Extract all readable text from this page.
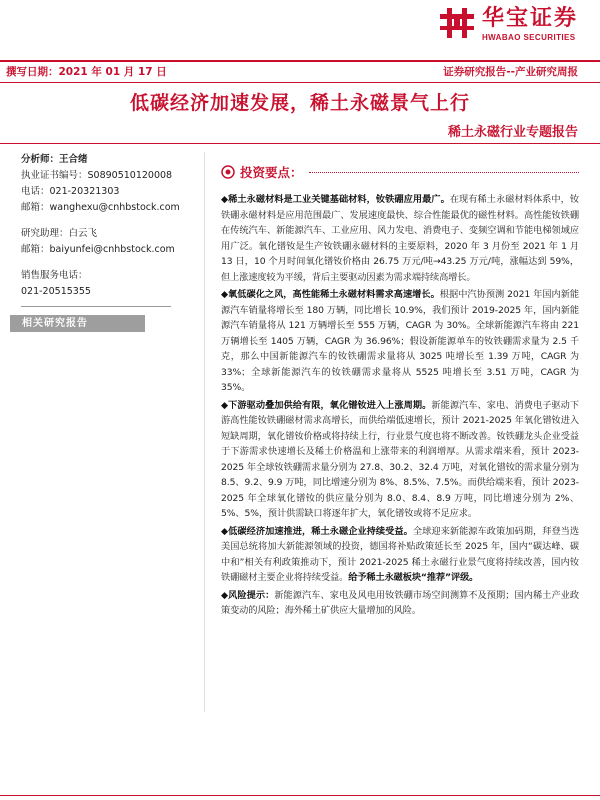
华宝证券
HWABAO SECURITIES
撰写日期：2021 年 01 月 17 日	证券研究报告--产业研究周报
低碳经济加速发展，稀土永磁景气上行
稀土永磁行业专题报告
分析师：王合绪
执业证书编号：S0890510120008
电话：021-20321303
邮箱：wanghexu@cnhbstock.com
研究助理：白云飞
邮箱：baiyunfei@cnhbstock.com
销售服务电话：
021-20515355
相关研究报告
投资要点：

◆稀土永磁材料是工业关键基础材料，钕铁硼应用最广。在现有稀土永磁材料体系中，钕铁硼永磁材料是应用范围最广、发展速度最快、综合性能最优的磁性材料。高性能钕铁硼在传统汽车、新能源汽车、工业应用、风力发电、消费电子、变频空调和节能电梯领域应用广泛。氧化镨钕是生产钕铁硼永磁材料的主要原料，2020 年 3 月份至 2021 年 1 月 13 日，10 个月时间氧化镨钕价格由 26.75 万元/吨→43.25 万元/吨，涨幅达到 59%，但上涨速度较为平缓，背后主要驱动因素为需求端持续高增长。

◆氧低碳化之风，高性能稀土永磁材料需求高速增长。根据中汽协预测 2021 年国内新能源汽车销量将增长至 180 万辆，同比增长 10.9%，我们预计 2019-2025 年，国内新能源汽车销量将从 121 万辆增长至 555 万辆，CAGR 为 30%。全球新能源汽车将由 221 万辆增长至 1405 万辆，CAGR 为 36.96%；假设新能源单车的钕铁硼需求量为 2.5 千克，那么中国新能源汽车的钕铁硼需求量将从 3025 吨增长至 1.39 万吨，CAGR 为 33%；全球新能源汽车的钕铁硼需求量将从 5525 吨增长至 3.51 万吨，CAGR 为 35%。

◆下游驱动叠加供给有限，氧化镨钕进入上涨周期。新能源汽车、家电、消费电子驱动下游高性能钕铁硼磁材需求高增长，而供给端低速增长，预计 2021-2025 年氧化镨钕进入短缺周期，氧化镨钕价格或将持续上行，行业景气度也将不断改善。钕铁硼龙头企业受益于下游需求快速增长及稀土价格温和上涨带来的利润增厚。从需求端来看，预计 2023-2025 年全球钕铁硼需求量分别为 27.8、30.2、32.4 万吨，对氧化镨钕的需求量分别为 8.5、9.2、9.9 万吨，同比增速分别为 8%、8.5%、7.5%。而供给端来看，预计 2023-2025 年全球氧化镨钕的供应量分别为 8.0、8.4、8.9 万吨，同比增速分别为 2%、5%、5%，预计供需缺口将逐年扩大，氧化镨钕或将不足应求。

◆低碳经济加速推进，稀土永磁企业持续受益。全球迎来新能源车政策加码期，拜登当选美国总统将加大新能源领域的投资，德国将补贴政策延长至 2025 年，国内“碳达峰、碳中和”相关有利政策推动下，预计 2021-2025 稀土永磁行业景气度将持续改善，国内钕铁硼磁材主要企业将持续受益。给予稀土永磁板块“推荐”评级。

◆风险提示：新能源汽车、家电及风电用钕铁硼市场空间测算不及预期；国内稀土产业政策变动的风险；海外稀土矿供应大量增加的风险。
